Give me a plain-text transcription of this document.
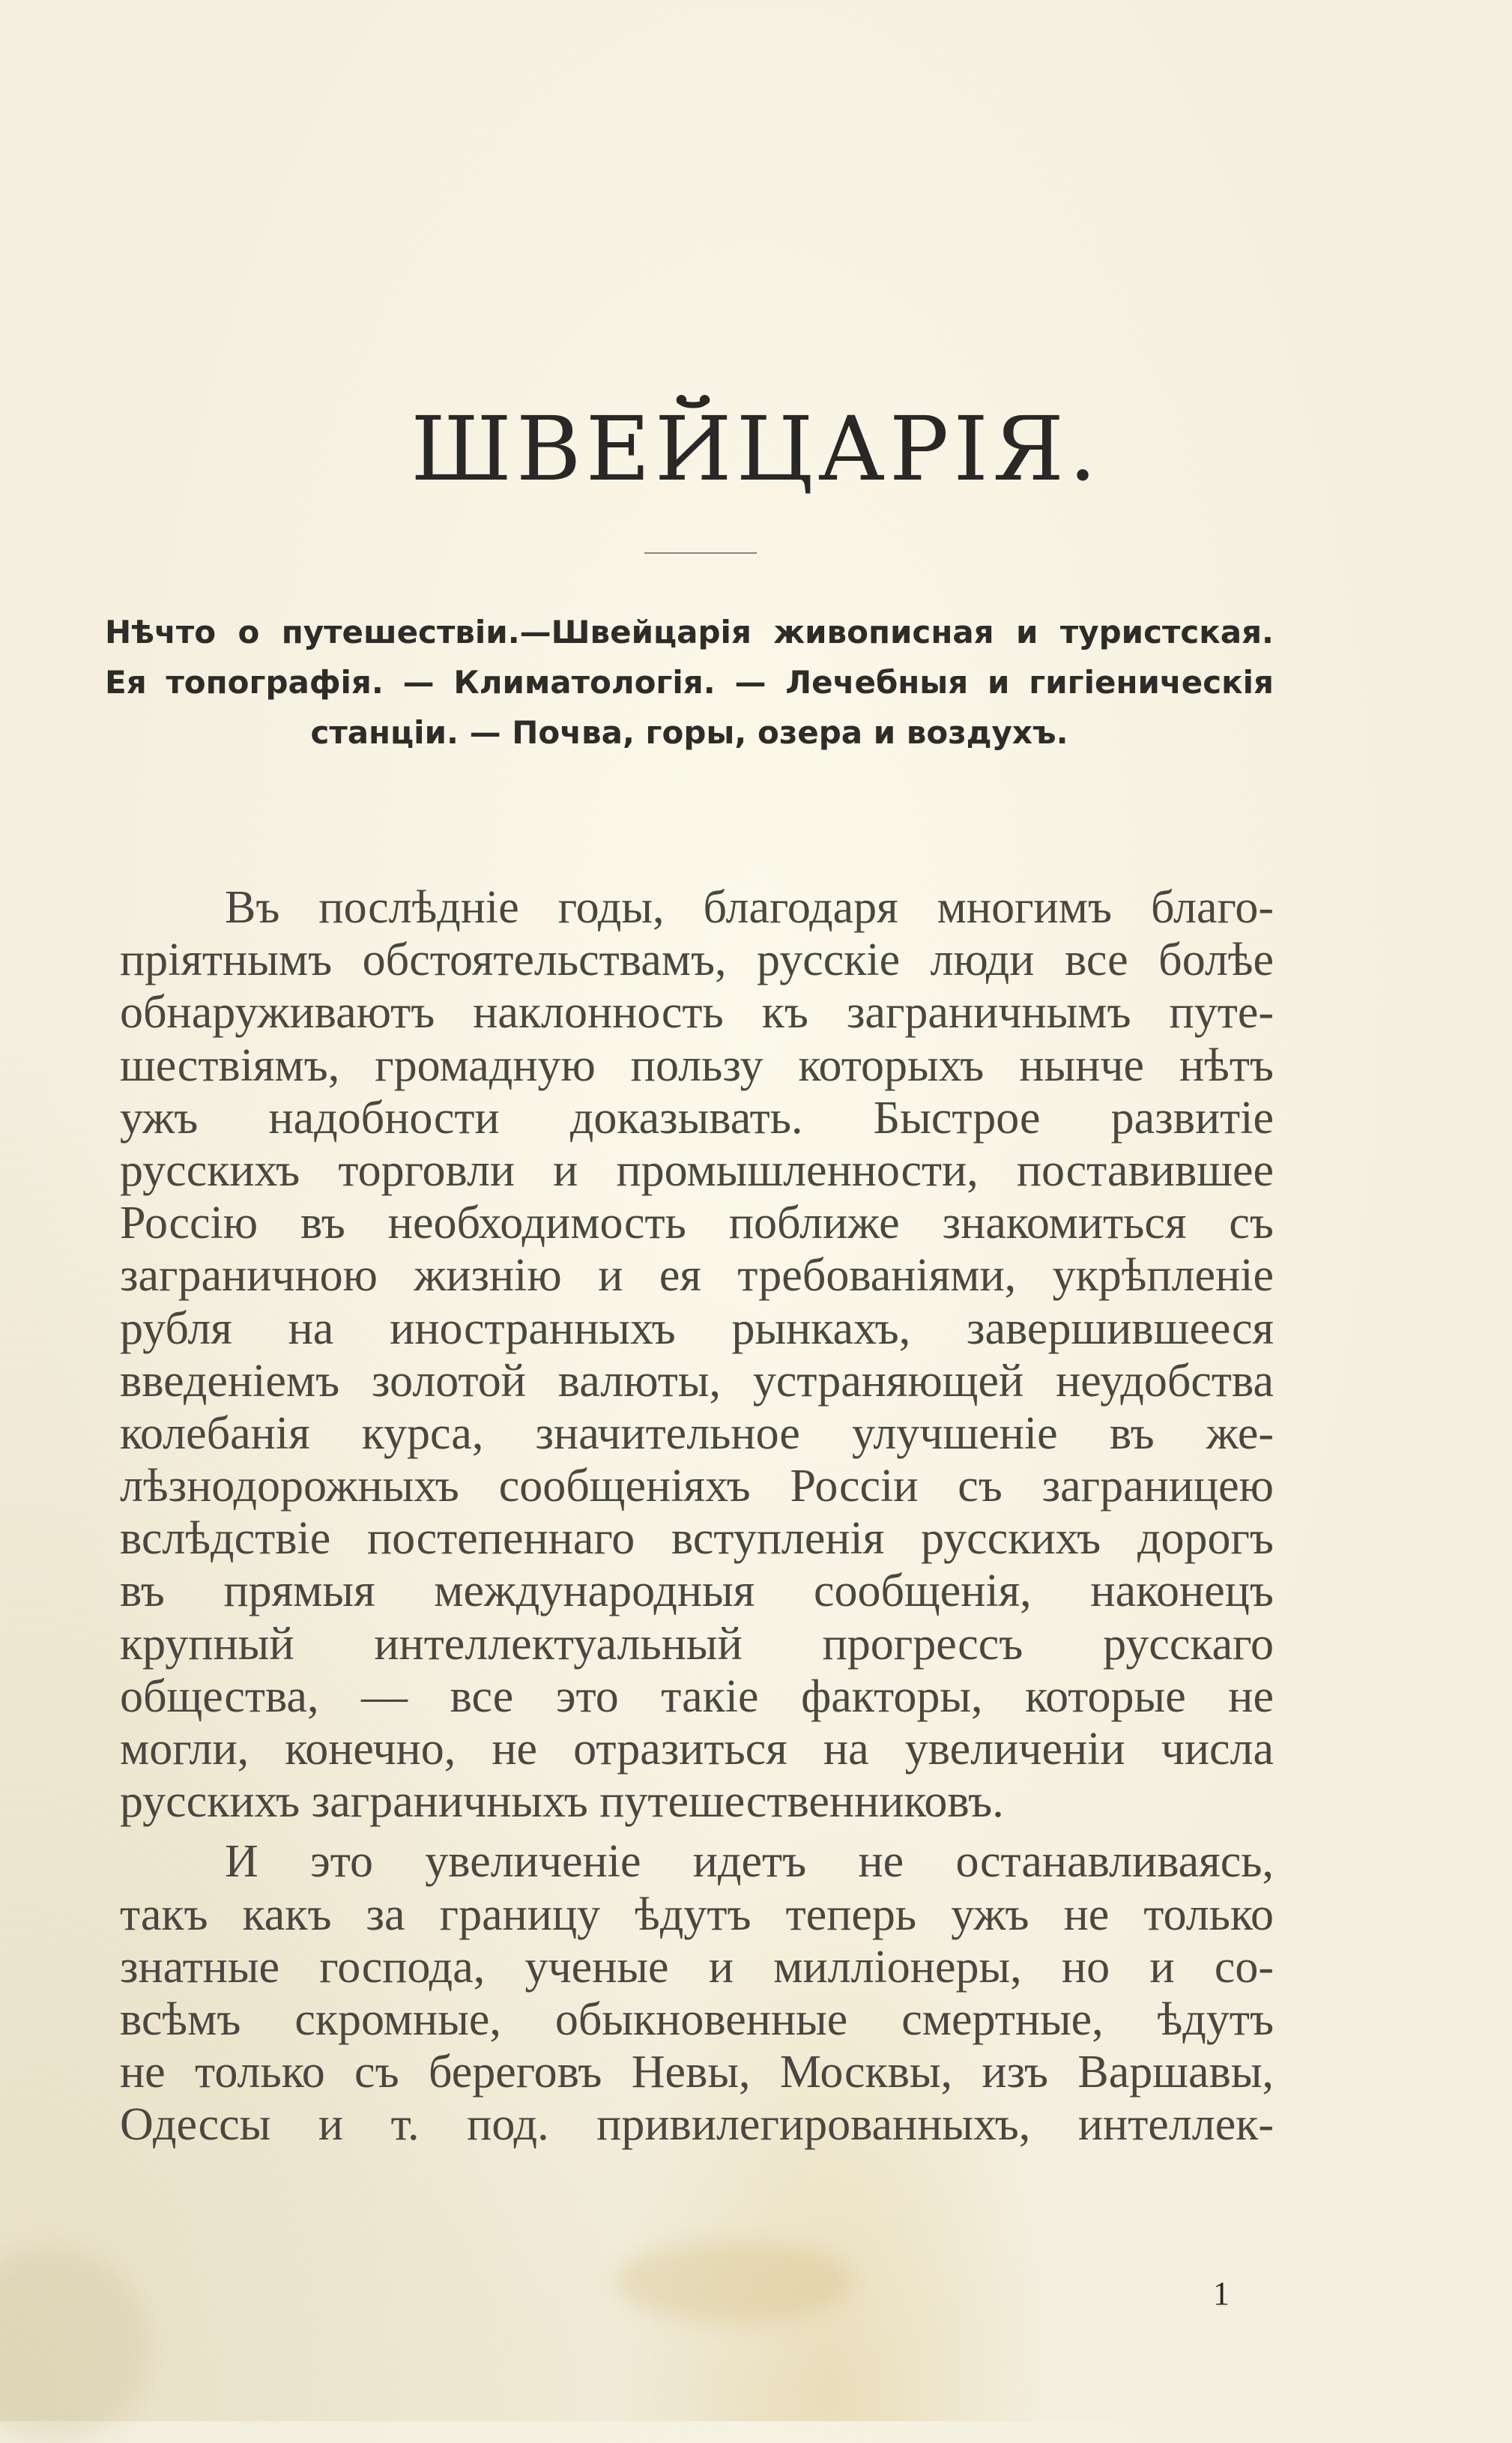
ШВЕЙЦАРІЯ.
Нѣчто о путешествіи.—Швейцарія живописная и туристская.
Ея топографія. — Климатологія. — Лечебныя и гигіеническія
станціи. — Почва, горы, озера и воздухъ.
Въ послѣдніе годы, благодаря многимъ благо-
пріятнымъ обстоятельствамъ, русскіе люди все болѣе
обнаруживаютъ наклонность къ заграничнымъ путе-
шествіямъ, громадную пользу которыхъ нынче нѣтъ
ужъ надобности доказывать. Быстрое развитіе
русскихъ торговли и промышленности, поставившее
Россію въ необходимость поближе знакомиться съ
заграничною жизнію и ея требованіями, укрѣпленіе
рубля на иностранныхъ рынкахъ, завершившееся
введеніемъ золотой валюты, устраняющей неудобства
колебанія курса, значительное улучшеніе въ же-
лѣзнодорожныхъ сообщеніяхъ Россіи съ заграницею
вслѣдствіе постепеннаго вступленія русскихъ дорогъ
въ прямыя международныя сообщенія, наконецъ
крупный интеллектуальный прогрессъ русскаго
общества, — все это такіе факторы, которые не
могли, конечно, не отразиться на увеличеніи числа
русскихъ заграничныхъ путешественниковъ.
И это увеличеніе идетъ не останавливаясь,
такъ какъ за границу ѣдутъ теперь ужъ не только
знатные господа, ученые и милліонеры, но и со-
всѣмъ скромные, обыкновенные смертные, ѣдутъ
не только съ береговъ Невы, Москвы, изъ Варшавы,
Одессы и т. под. привилегированныхъ, интеллек-
1
